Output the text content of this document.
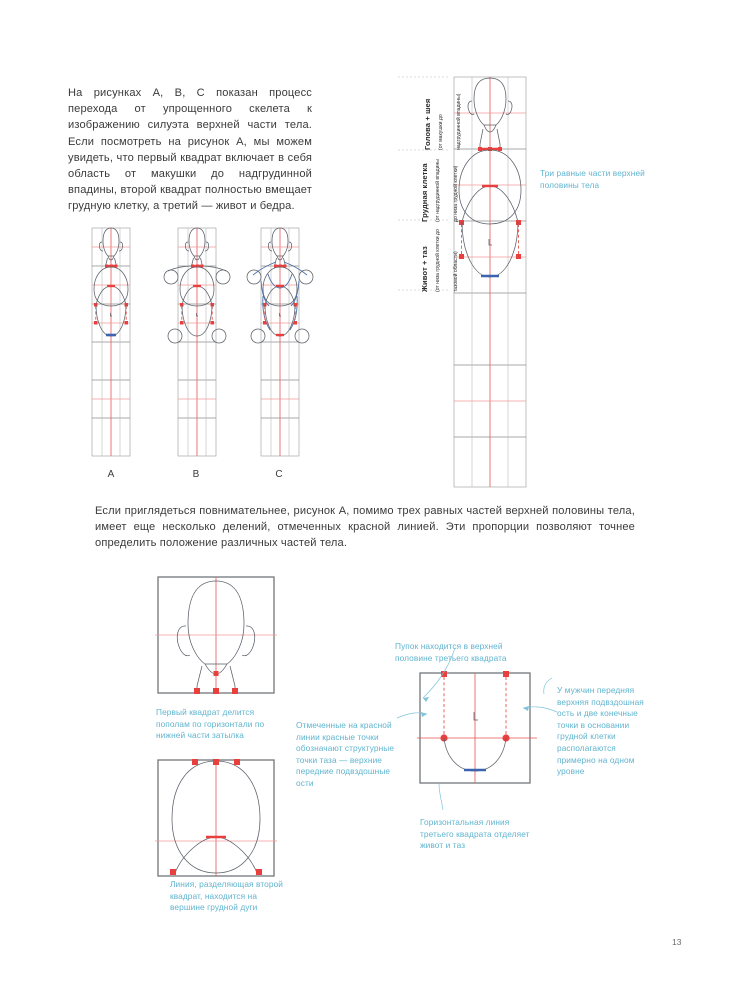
На рисунках А, В, С показан процесс перехода от упрощенного скелета к изображению силуэта верхней части тела. Если посмотреть на рисунок А, мы можем увидеть, что первый квадрат включает в себя область от макушки до надгрудинной впадины, второй квадрат полностью вмещает грудную клетку, а третий — живот и бедра.
Голова + шея	(от макушки до надгрудинной впадины)
Грудная клетка	(от надгрудинной впадины до низа грудной клетки)
Живот + таз	(от низа грудной клетки до тазовой области)
Три равные части верхней половины тела
A	B	C
Если приглядеться повнимательнее, рисунок А, помимо трех равных частей верхней половины тела, имеет еще несколько делений, отмеченных красной линией. Эти пропорции позволяют точнее определить положение различных частей тела.
Первый квадрат делится пополам по горизонтали по нижней части затылка
Линия, разделяющая второй квадрат, находится на вершине грудной дуги
Пупок находится в верхней половине третьего квадрата
Отмеченные на красной линии красные точки обозначают структурные точки таза — верхние передние подвздошные ости
У мужчин передняя верхняя подвздошная ость и две конечные точки в основании грудной клетки располагаются примерно на одном уровне
Горизонтальная линия третьего квадрата отделяет живот и таз
13
